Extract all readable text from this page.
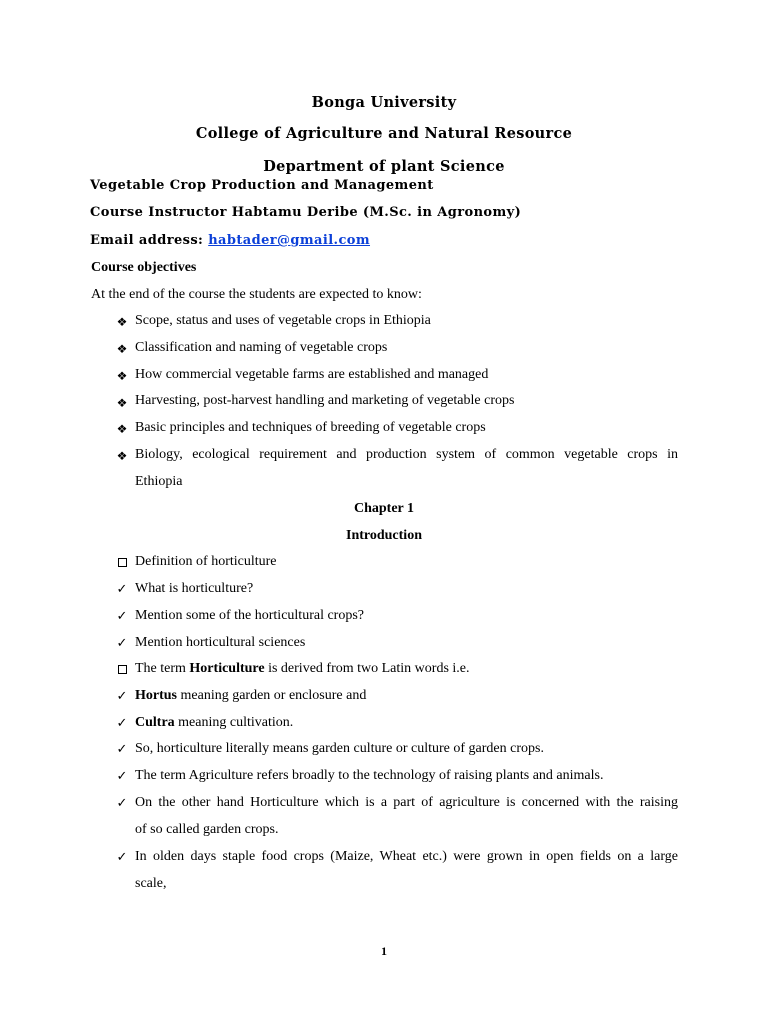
Bonga University
College of Agriculture and Natural Resource
Department of plant Science
Vegetable Crop Production and Management
Course Instructor Habtamu Deribe (M.Sc. in Agronomy)
Email address: habtader@gmail.com
Course objectives
At the end of the course the students are expected to know:
❖ Scope, status and uses of vegetable crops in Ethiopia
❖ Classification and naming of vegetable crops
❖ How commercial vegetable farms are established and managed
❖ Harvesting, post-harvest handling and marketing of vegetable crops
❖ Basic principles and techniques of breeding of vegetable crops
❖ Biology, ecological requirement and production system of common vegetable crops in
Ethiopia
Chapter 1
Introduction
Definition of horticulture
✓ What is horticulture?
✓ Mention some of the horticultural crops?
✓ Mention horticultural sciences
The term Horticulture is derived from two Latin words i.e.
✓ Hortus meaning garden or enclosure and
✓ Cultra meaning cultivation.
✓ So, horticulture literally means garden culture or culture of garden crops.
✓ The term Agriculture refers broadly to the technology of raising plants and animals.
✓ On the other hand Horticulture which is a part of agriculture is concerned with the raising
of so called garden crops.
✓ In olden days staple food crops (Maize, Wheat etc.) were grown in open fields on a large
scale,
1
